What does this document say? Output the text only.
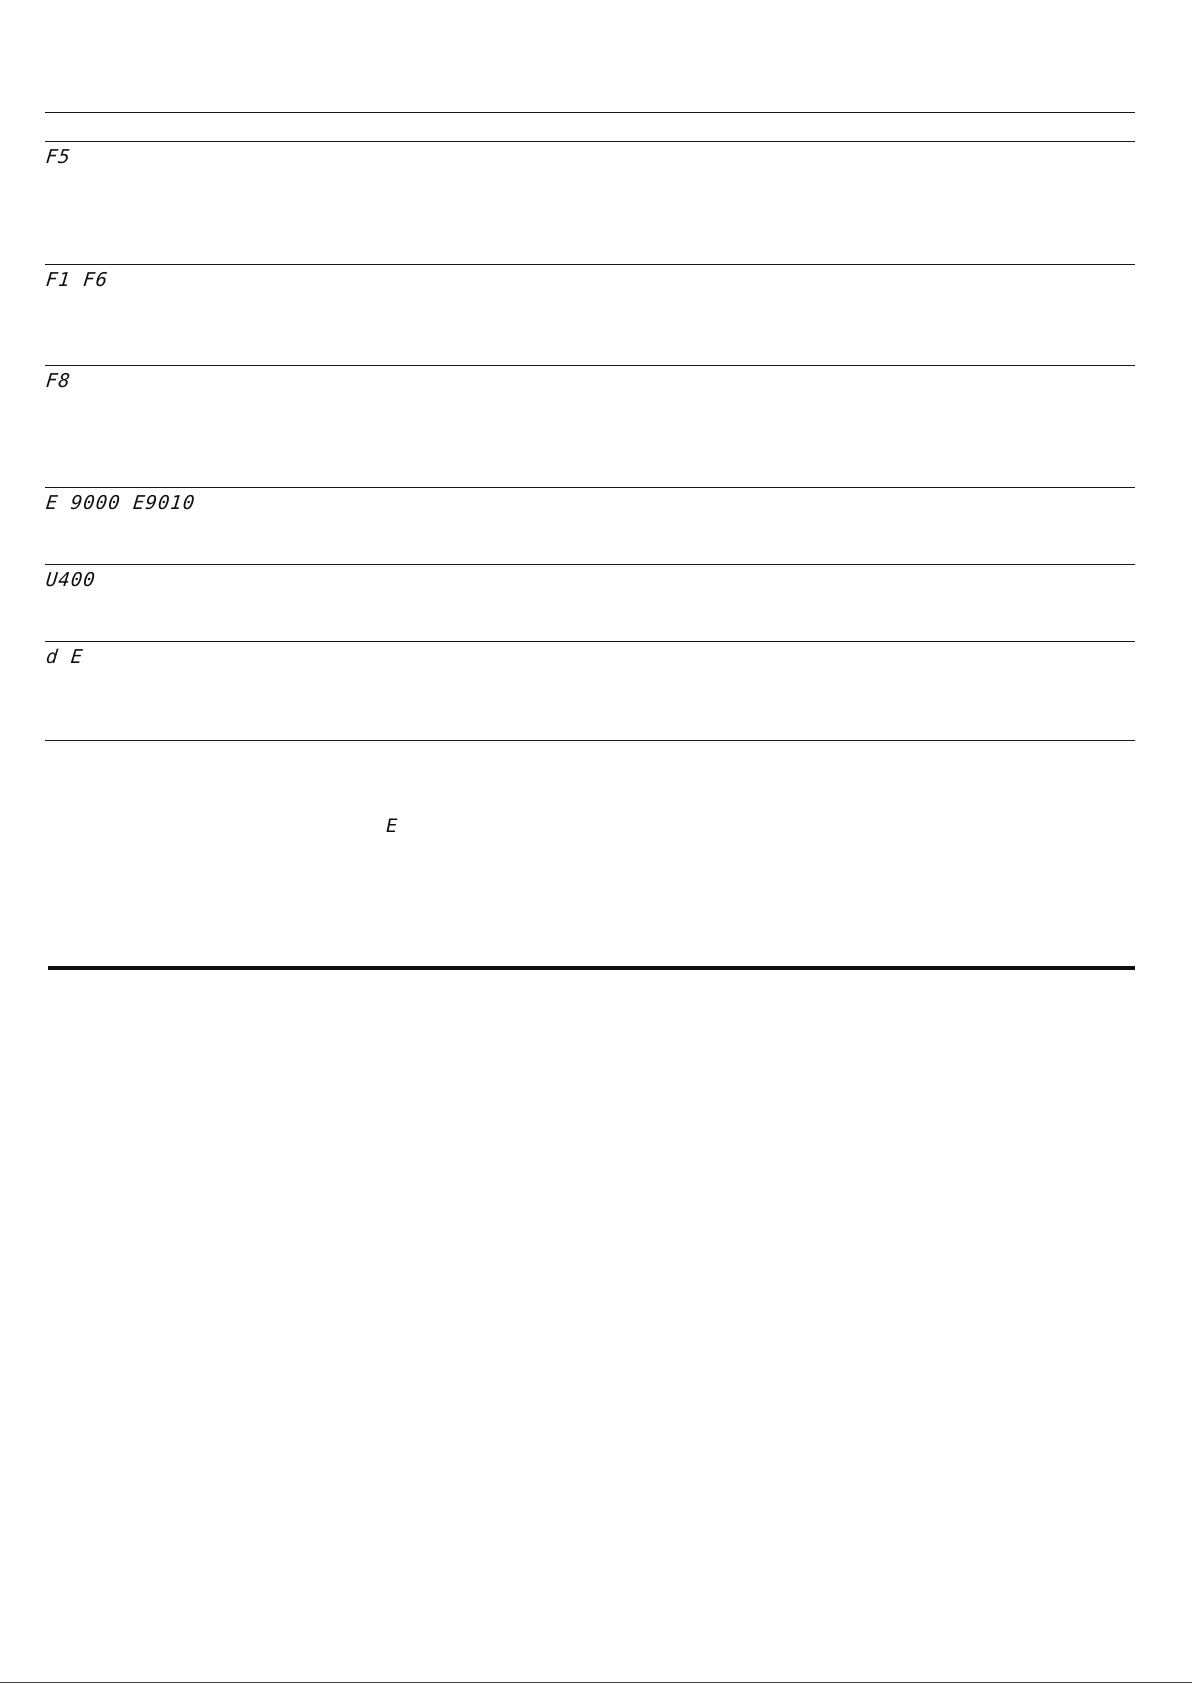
F5
F1 F6
F8
E 9000 E9010
U400
d E
E
